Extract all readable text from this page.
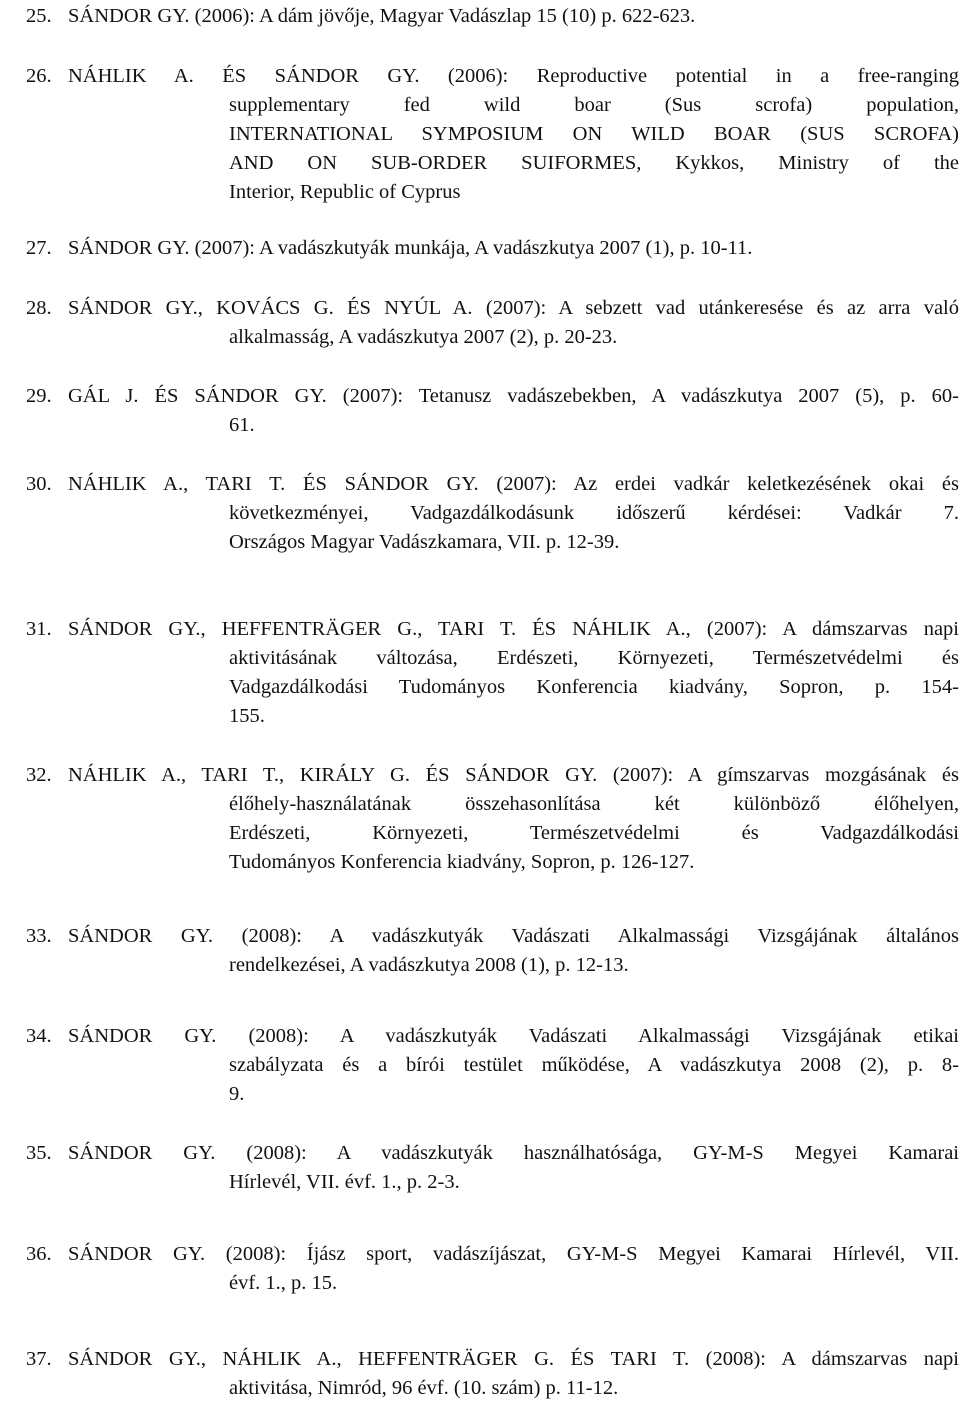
SÁNDOR GY. (2006): A dám jövője, Magyar Vadászlap 15 (10) p. 622-623.
25.
NÁHLIK A. ÉS SÁNDOR GY. (2006): Reproductive potential in a free-ranging
supplementary fed wild boar (Sus scrofa) population,
INTERNATIONAL SYMPOSIUM ON WILD BOAR (SUS SCROFA)
AND ON SUB-ORDER SUIFORMES, Kykkos, Ministry of the
Interior, Republic of Cyprus
26.
SÁNDOR GY. (2007): A vadászkutyák munkája, A vadászkutya 2007 (1), p. 10-11.
27.
SÁNDOR GY., KOVÁCS G. ÉS NYÚL A. (2007): A sebzett vad utánkeresése és az arra való
alkalmasság, A vadászkutya 2007 (2), p. 20-23.
28.
GÁL J. ÉS SÁNDOR GY. (2007): Tetanusz vadászebekben, A vadászkutya 2007 (5), p. 60-
61.
29.
NÁHLIK A., TARI T. ÉS SÁNDOR GY. (2007): Az erdei vadkár keletkezésének okai és
következményei, Vadgazdálkodásunk időszerű kérdései: Vadkár 7.
Országos Magyar Vadászkamara, VII. p. 12-39.
30.
SÁNDOR GY., HEFFENTRÄGER G., TARI T. ÉS NÁHLIK A., (2007): A dámszarvas napi
aktivitásának változása, Erdészeti, Környezeti, Természetvédelmi és
Vadgazdálkodási Tudományos Konferencia kiadvány, Sopron, p. 154-
155.
31.
NÁHLIK A., TARI T., KIRÁLY G. ÉS SÁNDOR GY. (2007): A gímszarvas mozgásának és
élőhely-használatának összehasonlítása két különböző élőhelyen,
Erdészeti, Környezeti, Természetvédelmi és Vadgazdálkodási
Tudományos Konferencia kiadvány, Sopron, p. 126-127.
32.
SÁNDOR GY. (2008): A vadászkutyák Vadászati Alkalmassági Vizsgájának általános
rendelkezései, A vadászkutya 2008 (1), p. 12-13.
33.
SÁNDOR GY. (2008): A vadászkutyák Vadászati Alkalmassági Vizsgájának etikai
szabályzata és a bírói testület működése, A vadászkutya 2008 (2), p. 8-
9.
34.
SÁNDOR GY. (2008): A vadászkutyák használhatósága, GY-M-S Megyei Kamarai
Hírlevél, VII. évf. 1., p. 2-3.
35.
SÁNDOR GY. (2008): Íjász sport, vadászíjászat, GY-M-S Megyei Kamarai Hírlevél, VII.
évf. 1., p. 15.
36.
SÁNDOR GY., NÁHLIK A., HEFFENTRÄGER G. ÉS TARI T. (2008): A dámszarvas napi
aktivitása, Nimród, 96 évf. (10. szám) p. 11-12.
37.
